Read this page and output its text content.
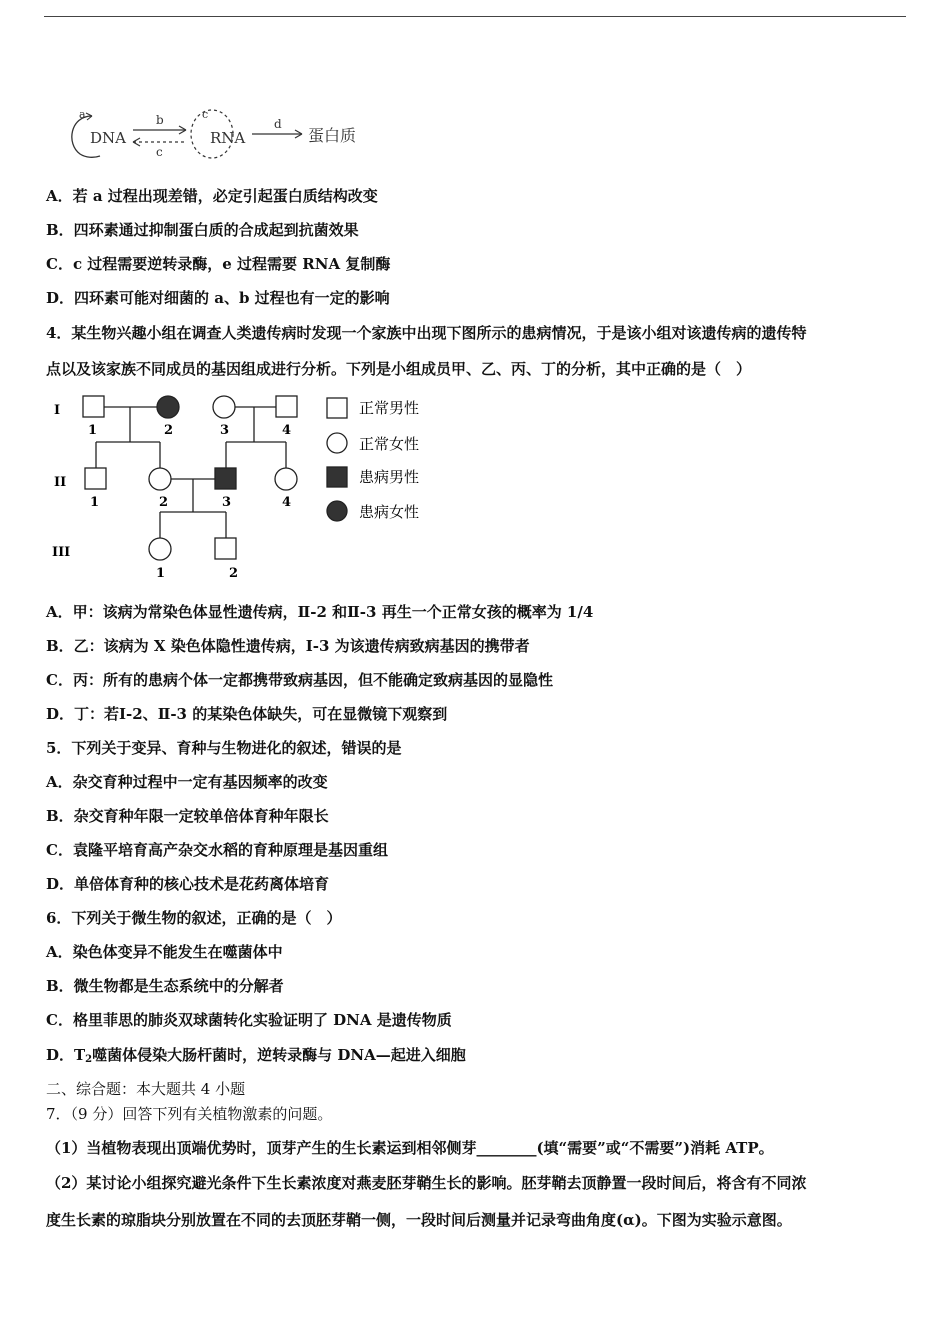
a
DNA
b
c
c
RNA
d
蛋白质
A．若 a 过程出现差错，必定引起蛋白质结构改变
B．四环素通过抑制蛋白质的合成起到抗菌效果
C．c 过程需要逆转录酶，e 过程需要 RNA 复制酶
D．四环素可能对细菌的 a、b 过程也有一定的影响
4．某生物兴趣小组在调查人类遗传病时发现一个家族中出现下图所示的患病情况，于是该小组对该遗传病的遗传特
点以及该家族不同成员的基因组成进行分析。下列是小组成员甲、乙、丙、丁的分析，其中正确的是（　）
I
II
III
1	2	3	4
1	2	3	4
1	2
正常男性
正常女性
患病男性
患病女性
A．甲：该病为常染色体显性遗传病，Ⅱ-2 和Ⅱ-3 再生一个正常女孩的概率为 1/4
B．乙：该病为 X 染色体隐性遗传病，Ⅰ-3 为该遗传病致病基因的携带者
C．丙：所有的患病个体一定都携带致病基因，但不能确定致病基因的显隐性
D．丁：若Ⅰ-2、Ⅱ-3 的某染色体缺失，可在显微镜下观察到
5．下列关于变异、育种与生物进化的叙述，错误的是
A．杂交育种过程中一定有基因频率的改变
B．杂交育种年限一定较单倍体育种年限长
C．袁隆平培育高产杂交水稻的育种原理是基因重组
D．单倍体育种的核心技术是花药离体培育
6．下列关于微生物的叙述，正确的是（　）
A．染色体变异不能发生在噬菌体中
B．微生物都是生态系统中的分解者
C．格里菲思的肺炎双球菌转化实验证明了 DNA 是遗传物质
D．$T_2$噬菌体侵染大肠杆菌时，逆转录酶与 DNA—起进入细胞
二、综合题：本大题共 4 小题
7．（9 分）回答下列有关植物激素的问题。
（1）当植物表现出顶端优势时，顶芽产生的生长素运到相邻侧芽________(填“需要”或“不需要”)消耗 ATP。
（2）某讨论小组探究避光条件下生长素浓度对燕麦胚芽鞘生长的影响。胚芽鞘去顶静置一段时间后，将含有不同浓
度生长素的琼脂块分别放置在不同的去顶胚芽鞘一侧，一段时间后测量并记录弯曲角度(α)。下图为实验示意图。
